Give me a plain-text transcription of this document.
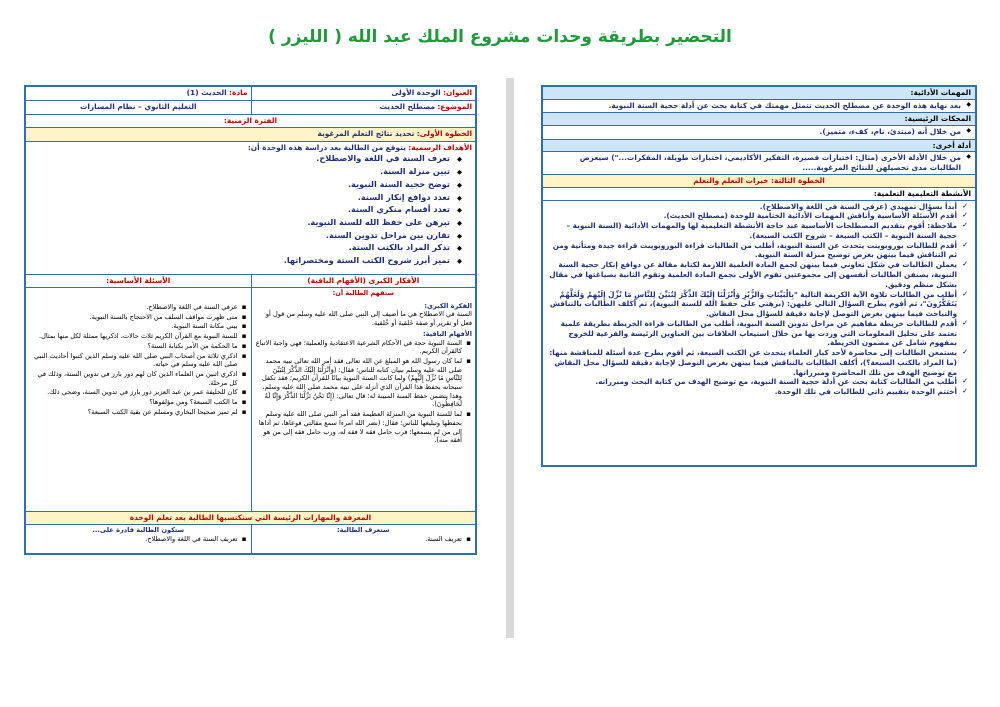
التحضير بطريقة وحدات مشروع الملك عبد الله ( الليزر )
العنوان: الوحدة الأولى
مادة: الحديث (1)
الموضوع: مصطلح الحديث
التعليم الثانوي – نظام المسارات
الفترة الزمنية:
الخطوة الأولى: تحديد نتائج التعلم المرغوبة
الأهداف الرسمية: يتوقع من الطالبة بعد دراسة هذه الوحدة أن:
◆ تعرف السنة في اللغة والاصطلاح.
◆ تبين منزلة السنة.
◆ توضح حجية السنة النبوية.
◆ تعدد دوافع إنكار السنة.
◆ تعدد أقسام منكري السنة.
◆ تبرهن على حفظ الله للسنة النبوية.
◆ تقارن بين مراحل تدوين السنة.
◆ تذكر المراد بالكتب الستة.
◆ تميز أبرز شروح الكتب الستة ومختصراتها.
الأفكار الكبرى (الأفهام الباقية)
الأسئلة الأساسية:
ستفهم الطالبة أن:
الفكرة الكبرى:
السنة في الاصطلاح هي ما أضيف إلى النبي صلى الله عليه وسلم من قول أو فعل أو تقرير أو صفة خَلقية أو خُلقية.
الأفهام الباقية:
▪ السنة النبوية حجة في الأحكام الشرعية الاعتقادية والعملية؛ فهي واجبة الاتباع كالقرآن الكريم.
▪ لما كان رسول الله هو المبلغ عن الله تعالى فقد أمر الله تعالى نبيه محمد صلى الله عليه وسلم ببيان كتابه للناس؛ فقال: (وَأَنْزَلْنَا إِلَيْكَ الذِّكْرَ لِتُبَيِّنَ لِلنَّاسِ مَا نُزِّلَ إِلَيْهِمْ) ولما كانت السنة النبوية بيانًا للقرآن الكريم؛ فقد تكفل سبحانه بحفظ هذا القرآن الذي أنزله على نبيه محمد صلى الله عليه وسلم، وهذا يتضمن حفظ السنة المبينة له؛ قال تعالى: (إِنَّا نَحْنُ نَزَّلْنَا الذِّكْرَ وَإِنَّا لَهُ لَحَافِظُونَ).
▪ لما للسنة النبوية من المنزلة العظيمة فقد أمر النبي صلى الله عليه وسلم بحفظها وتبليغها للناس؛ فقال: (نضر الله امرءا سمع مقالتي فوعاها، ثم أداها إلى من لم يسمعها؛ فرب حامل فقه لا فقه له، ورب حامل فقه إلى من هو أفقه منه).
▪ عرفي السنة في اللغة والاصطلاح.
▪ متى ظهرت مواقف السلف من الاحتجاج بالسنة النبوية.
▪ بيني مكانة السنة النبوية.
▪ للسنة النبوية مع القرآن الكريم ثلاث حالات، اذكريها ممثلة لكل منها بمثال.
▪ ما الحكمة من الأمر بكتابة السنة؟
▪ اذكري ثلاثة من أصحاب النبي صلى الله عليه وسلم الذين كتبوا أحاديث النبي صلى الله عليه وسلم في حياته.
▪ اذكري اثنين من العلماء الذين كان لهم دور بارز في تدوين السنة، وذلك في كل مرحلة.
▪ كان للخليفة عمر بن عبد العزيز دور بارز في تدوين السنة، وضحي ذلك.
▪ ما الكتب السبعة؟ ومن مؤلفوها؟
▪ لم تميز صحيحا البخاري ومسلم عن بقية الكتب السبعة؟
المعرفة والمهارات الرئيسة التي ستكتسبها الطالبة بعد تعلم الوحدة
ستعرف الطالبة:
▪ تعريف السنة.
ستكون الطالبة قادرة على...
▪ تعريف السنة في اللغة والاصطلاح.
المهمات الأدائية:
◆ بعد نهاية هذه الوحدة عن مصطلح الحديث تتمثل مهمتك في كتابة بحث عن أدلة حجية السنة النبوية.
المحكات الرئيسية:
◆ من خلال أنه (مبتدئ، نام، كفء، متميز).
أدلة أخرى:
◆ من خلال الأدلة الأخرى (مثال: اختبارات قصيرة، التفكير الأكاديمي، اختبارات طويلة، المفكرات...") سيعرض الطالبات مدى تحصيلهن للنتائج المرغوبة.....
الخطوة الثالثة: خبرات التعلم والتعلم
الأنشطة التعليمية التعلمية:
✓ أبدأ بسؤال تمهيدي (عرفي السنة في اللغة والاصطلاح).
✓ أقدم الأسئلة الأساسية وأناقش المهمات الأدائية الختامية للوحدة (مصطلح الحديث).
✓ ملاحظة: أقوم بتقديم المصطلحات الأساسية عند حاجة الأنشطة التعليمية لها والمهمات الأدائية (السنة النبوية – حجية السنة النبوية – الكتب السبعة – شروح الكتب السبعة).
✓ أقدم للطالبات بوروبوينت يتحدث عن السنة النبوية، أطلب من الطالبات قراءة البوروبوينت قراءة جيدة ومتأنية ومن ثم التناقش فيما بينهن بغرض توضيح منزلة السنة النبوية.
✓ يعملن الطالبات في شكل تعاوني فيما بينهن لجمع المادة العلمية اللازمة لكتابة مقالة عن دوافع إنكار حجية السنة النبوية، يصنفن الطالبات أنفسهن إلى مجموعتين تقوم الأولى بجمع المادة العلمية وتقوم الثانية بصياغتها في مقال بشكل منظم ودقيق.
✓ أطلب من الطالبات تلاوة الآية الكريمة التالية "بِالْبَيِّنَاتِ وَالزُّبُرِ وَأَنْزَلْنَا إِلَيْكَ الذِّكْرَ لِتُبَيِّنَ لِلنَّاسِ مَا نُزِّلَ إِلَيْهِمْ وَلَعَلَّهُمْ يَتَفَكَّرُونَ"، ثم أقوم بطرح السؤال التالي عليهن: (برهني على حفظ الله للسنة النبوية)، ثم أكلف الطالبات بالتناقش والتباحث فيما بينهن بغرض التوصل لإجابة دقيقة للسؤال محل النقاش.
✓ أقدم للطالبات خريطة مفاهيم عن مراحل تدوين السنة النبوية، أطلب من الطالبات قراءة الخريطة بطريقة علمية تعتمد على تحليل المعلومات التي وردت بها من خلال استيعاب العلاقات بين العناوين الرئيسة والفرعية للخروج بمفهوم شامل عن مضمون الخريطة.
✓ يستمعن الطالبات إلى محاضرة لأحد كبار العلماء يتحدث عن الكتب السبعة، ثم أقوم بطرح عدة أسئلة للمناقشة منها: (ما المراد بالكتب السبعة؟)، أكلف الطالبات بالتناقش فيما بينهن بغرض التوصل لإجابة دقيقة للسؤال محل النقاش مع توضيح الهدف من تلك المحاضرة ومبرراتها.
✓ أطلب من الطالبات كتابة بحث عن أدلة حجية السنة النبوية، مع توضيح الهدف من كتابة البحث ومبرراته.
✓ أختتم الوحدة بتقييم ذاتي للطالبات في تلك الوحدة.
